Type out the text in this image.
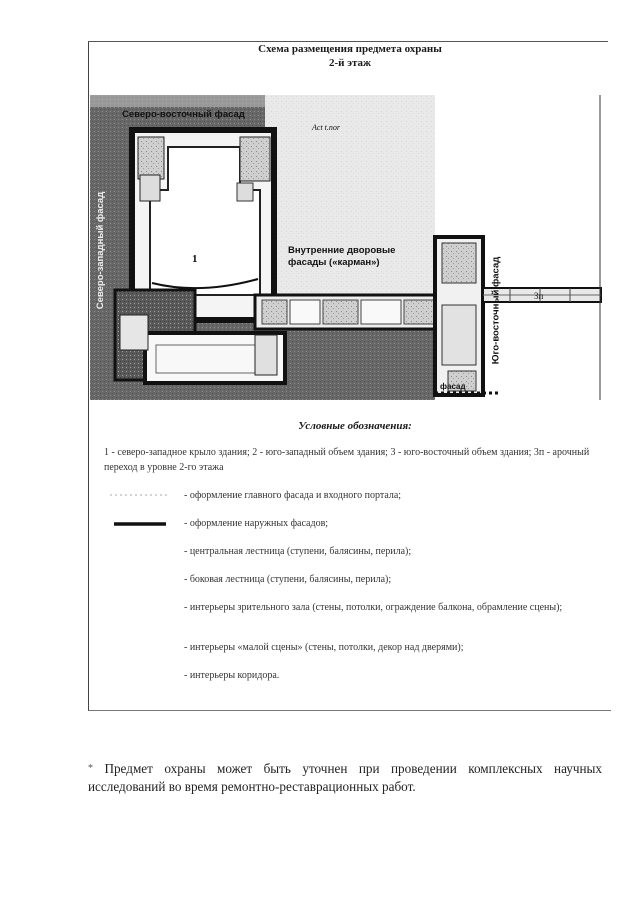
Схема размещения предмета охраны
2-й этаж
Северо-восточный фасад
Внутренние дворовые
фасады («карман»)
Северо-западный фасад
Юго-восточный фасад
1
3п
Act t.nor
фасад
Условные обозначения:
1 - северо-западное крыло здания; 2 - юго-западный объем здания; 3 - юго-восточный объем здания; 3п - арочный переход в уровне 2-го этажа
- оформление главного фасада и входного портала;
- оформление наружных фасадов;
- центральная лестница (ступени, балясины, перила);
- боковая лестница (ступени, балясины, перила);
- интерьеры зрительного зала (стены, потолки, ограждение балкона, обрамление сцены);
- интерьеры «малой сцены» (стены, потолки, декор над дверями);
- интерьеры коридора.
* Предмет охраны может быть уточнен при проведении комплексных научных исследований во время ремонтно-реставрационных работ.
